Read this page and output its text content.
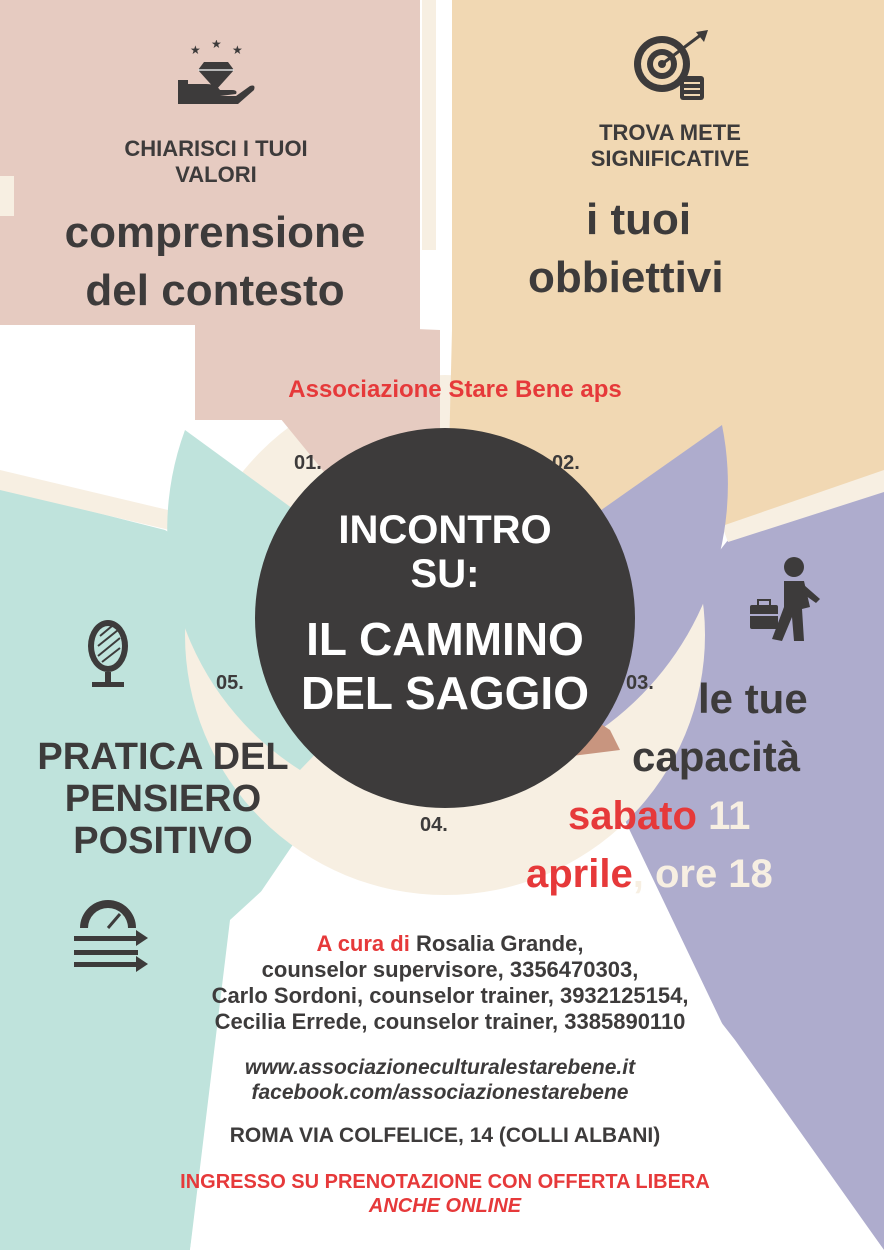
★ ★ ★
CHIARISCI I TUOI
VALORI
comprensione
del contesto
TROVA METE
SIGNIFICATIVE
i tuoi
obbiettivi
Associazione Stare Bene aps
01.	02.
03.
04.
05.
INCONTRO
SU:
IL CAMMINO
DEL SAGGIO	le tue
capacità
sabato 11
aprile, ore 18
PRATICA DEL
PENSIERO
POSITIVO
A cura di Rosalia Grande,
counselor supervisore, 3356470303,
Carlo Sordoni, counselor trainer, 3932125154,
Cecilia Errede, counselor trainer, 3385890110
www.associazioneculturalestarebene.it
facebook.com/associazionestarebene
ROMA VIA COLFELICE, 14 (COLLI ALBANI)
INGRESSO SU PRENOTAZIONE CON OFFERTA LIBERA
ANCHE ONLINE
